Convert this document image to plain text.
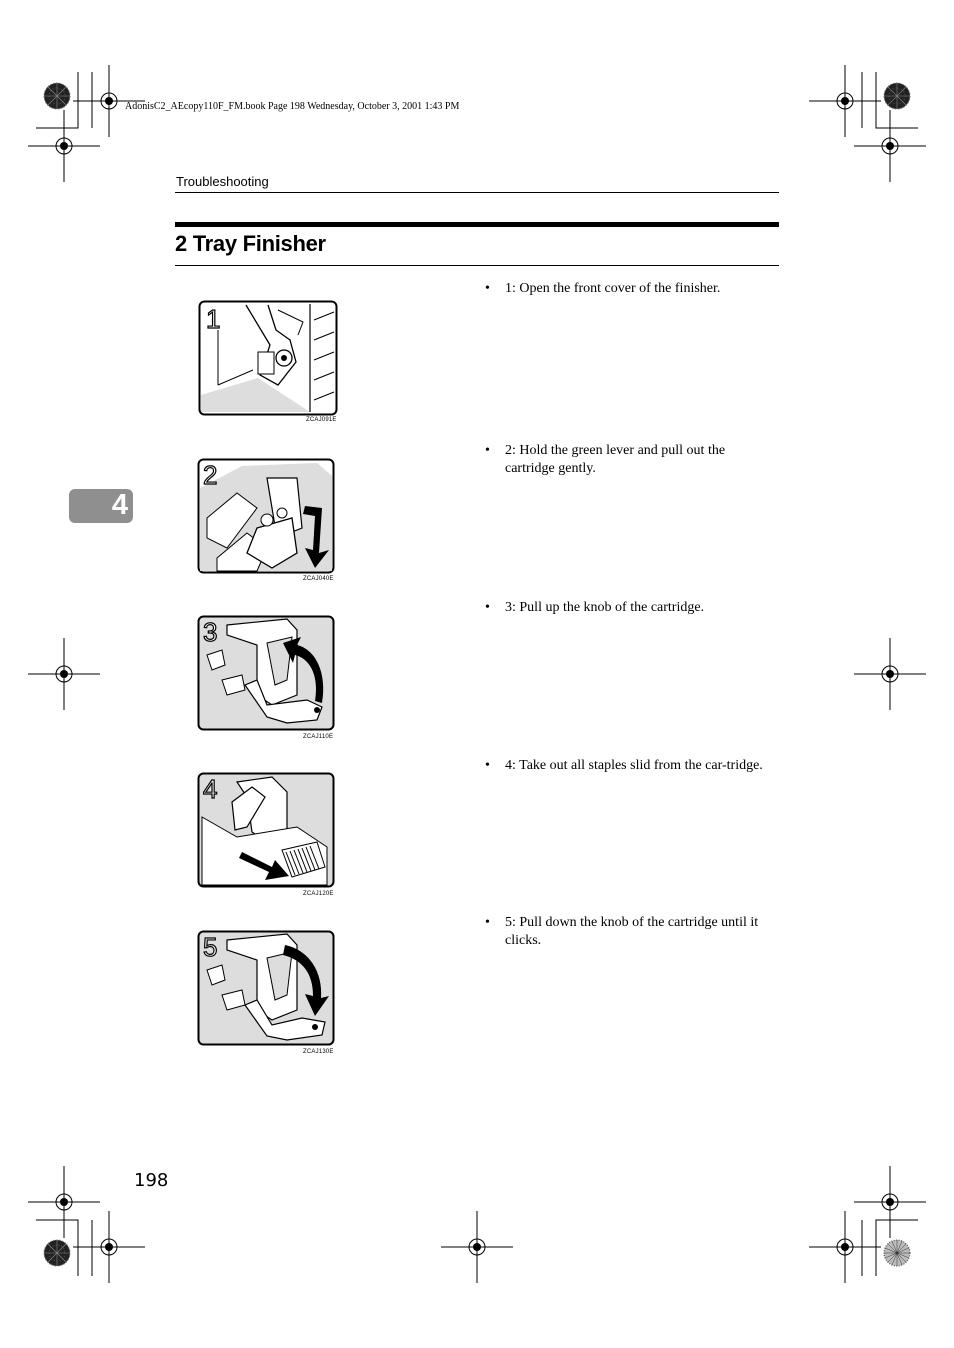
AdonisC2_AEcopy110F_FM.book Page 198 Wednesday, October 3, 2001 1:43 PM
Troubleshooting
2 Tray Finisher
4
1
ZCAJ091E
• 1: Open the front cover of the finisher.
2
ZCAJ040E
• 2: Hold the green lever and pull out the cartridge gently.
3
ZCAJ110E
• 3: Pull up the knob of the cartridge.
4
ZCAJ120E
• 4: Take out all staples slid from the car-tridge.
5
ZCAJ130E
• 5: Pull down the knob of the cartridge until it clicks.
198
